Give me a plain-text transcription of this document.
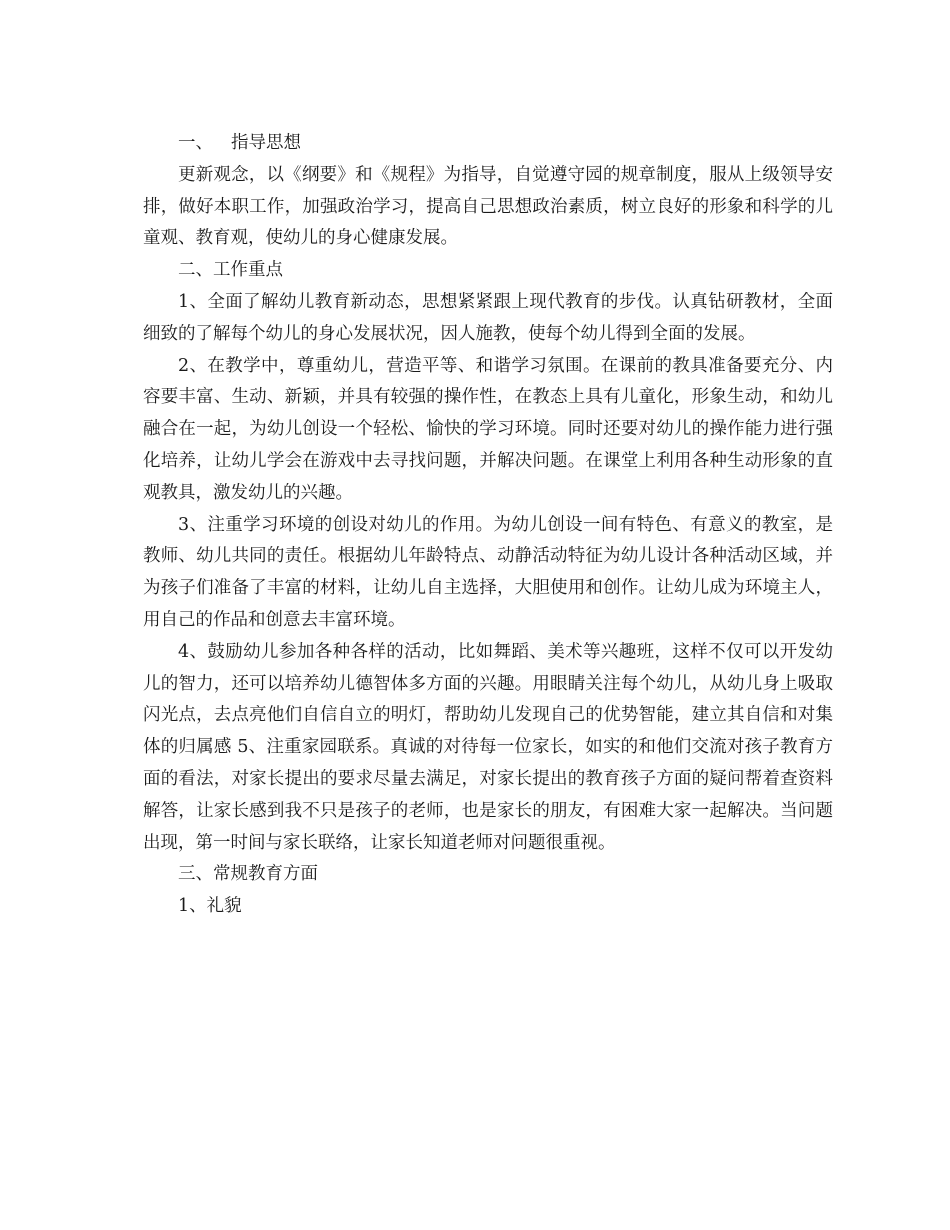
一、 指导思想

更新观念，以《纲要》和《规程》为指导，自觉遵守园的规章制度，服从上级领导安排，做好本职工作，加强政治学习，提高自己思想政治素质，树立良好的形象和科学的儿童观、教育观，使幼儿的身心健康发展。

二、工作重点

1、全面了解幼儿教育新动态，思想紧紧跟上现代教育的步伐。认真钻研教材，全面细致的了解每个幼儿的身心发展状况，因人施教，使每个幼儿得到全面的发展。

2、在教学中，尊重幼儿，营造平等、和谐学习氛围。在课前的教具准备要充分、内容要丰富、生动、新颖，并具有较强的操作性，在教态上具有儿童化，形象生动，和幼儿融合在一起，为幼儿创设一个轻松、愉快的学习环境。同时还要对幼儿的操作能力进行强化培养，让幼儿学会在游戏中去寻找问题，并解决问题。在课堂上利用各种生动形象的直观教具，激发幼儿的兴趣。

3、注重学习环境的创设对幼儿的作用。为幼儿创设一间有特色、有意义的教室，是教师、幼儿共同的责任。根据幼儿年龄特点、动静活动特征为幼儿设计各种活动区域，并为孩子们准备了丰富的材料，让幼儿自主选择，大胆使用和创作。让幼儿成为环境主人，用自己的作品和创意去丰富环境。

4、鼓励幼儿参加各种各样的活动，比如舞蹈、美术等兴趣班，这样不仅可以开发幼儿的智力，还可以培养幼儿德智体多方面的兴趣。用眼睛关注每个幼儿，从幼儿身上吸取闪光点，去点亮他们自信自立的明灯，帮助幼儿发现自己的优势智能，建立其自信和对集体的归属感 5、注重家园联系。真诚的对待每一位家长，如实的和他们交流对孩子教育方面的看法，对家长提出的要求尽量去满足，对家长提出的教育孩子方面的疑问帮着查资料解答，让家长感到我不只是孩子的老师，也是家长的朋友，有困难大家一起解决。当问题出现，第一时间与家长联络，让家长知道老师对问题很重视。

三、常规教育方面

1、礼貌
